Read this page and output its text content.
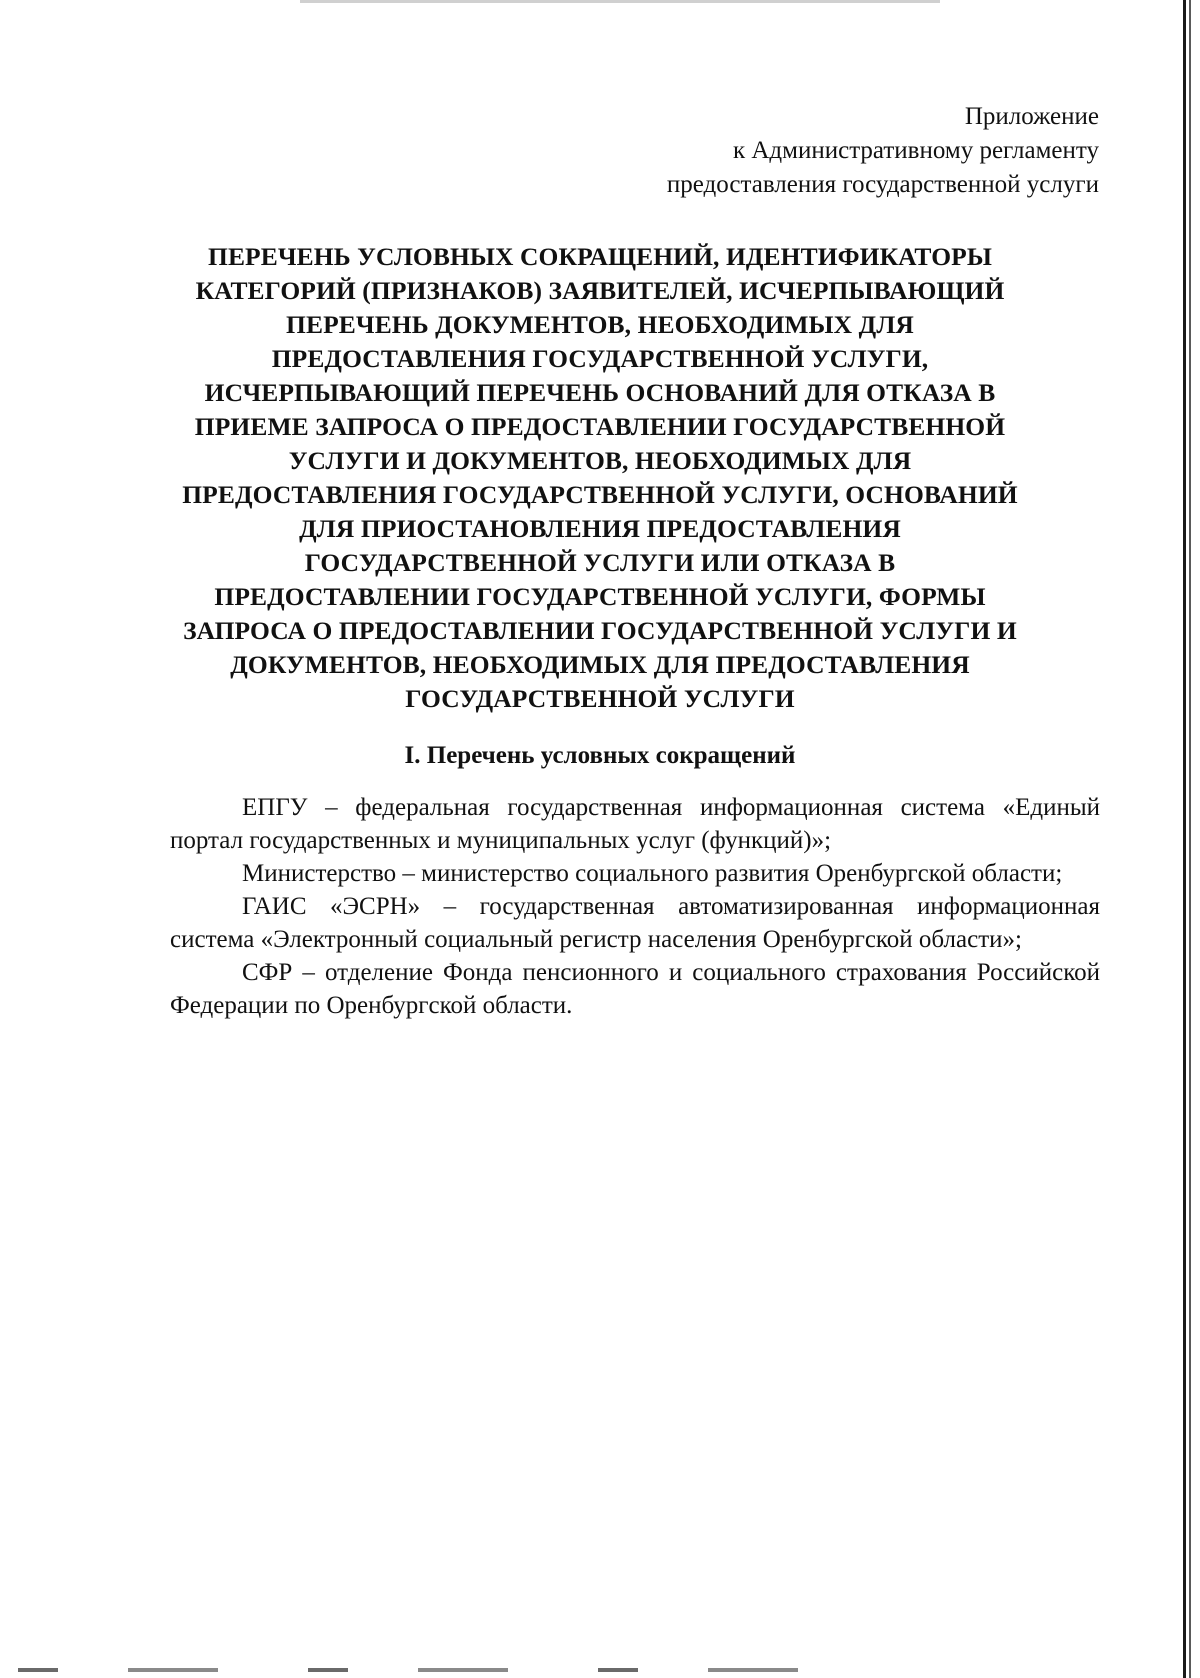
Приложение
к Административному регламенту
предоставления государственной услуги
ПЕРЕЧЕНЬ УСЛОВНЫХ СОКРАЩЕНИЙ, ИДЕНТИФИКАТОРЫ
КАТЕГОРИЙ (ПРИЗНАКОВ) ЗАЯВИТЕЛЕЙ, ИСЧЕРПЫВАЮЩИЙ
ПЕРЕЧЕНЬ ДОКУМЕНТОВ, НЕОБХОДИМЫХ ДЛЯ
ПРЕДОСТАВЛЕНИЯ ГОСУДАРСТВЕННОЙ УСЛУГИ,
ИСЧЕРПЫВАЮЩИЙ ПЕРЕЧЕНЬ ОСНОВАНИЙ ДЛЯ ОТКАЗА В
ПРИЕМЕ ЗАПРОСА О ПРЕДОСТАВЛЕНИИ ГОСУДАРСТВЕННОЙ
УСЛУГИ И ДОКУМЕНТОВ, НЕОБХОДИМЫХ ДЛЯ
ПРЕДОСТАВЛЕНИЯ ГОСУДАРСТВЕННОЙ УСЛУГИ, ОСНОВАНИЙ
ДЛЯ ПРИОСТАНОВЛЕНИЯ ПРЕДОСТАВЛЕНИЯ
ГОСУДАРСТВЕННОЙ УСЛУГИ ИЛИ ОТКАЗА В
ПРЕДОСТАВЛЕНИИ ГОСУДАРСТВЕННОЙ УСЛУГИ, ФОРМЫ
ЗАПРОСА О ПРЕДОСТАВЛЕНИИ ГОСУДАРСТВЕННОЙ УСЛУГИ И
ДОКУМЕНТОВ, НЕОБХОДИМЫХ ДЛЯ ПРЕДОСТАВЛЕНИЯ
ГОСУДАРСТВЕННОЙ УСЛУГИ
I. Перечень условных сокращений

ЕПГУ – федеральная государственная информационная система «Единый портал государственных и муниципальных услуг (функций)»;

Министерство – министерство социального развития Оренбургской области;

ГАИС «ЭСРН» – государственная автоматизированная информационная система «Электронный социальный регистр населения Оренбургской области»;

СФР – отделение Фонда пенсионного и социального страхования Российской Федерации по Оренбургской области.
